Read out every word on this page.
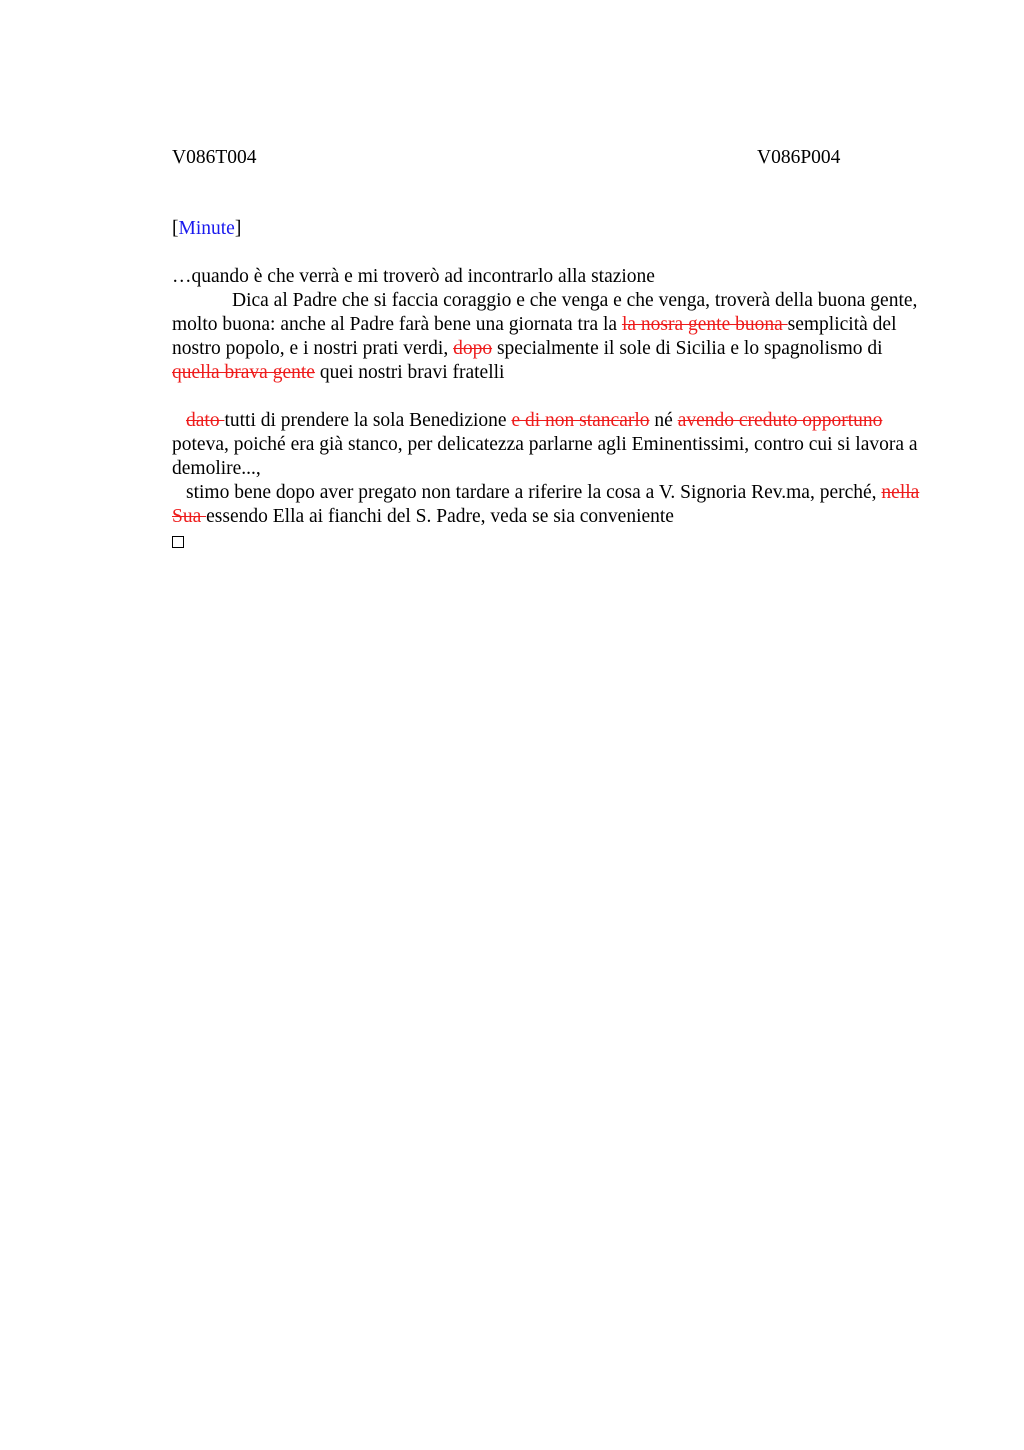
V086T004	V086P004
[Minute]

…quando è che verrà e mi troverò ad incontrarlo alla stazione

Dica al Padre che si faccia coraggio e che venga e che venga, troverà della buona gente, molto buona: anche al Padre farà bene una giornata tra la la nosra gente buona semplicità del nostro popolo, e i nostri prati verdi, dopo specialmente il sole di Sicilia e lo spagnolismo di quella brava gente quei nostri bravi fratelli

dato tutti di prendere la sola Benedizione e di non stancarlo né avendo creduto opportuno poteva, poiché era già stanco, per delicatezza parlarne agli Eminentissimi, contro cui si lavora a demolire...,

stimo bene dopo aver pregato non tardare a riferire la cosa a V. Signoria Rev.ma, perché, nella Sua essendo Ella ai fianchi del S. Padre, veda se sia conveniente
